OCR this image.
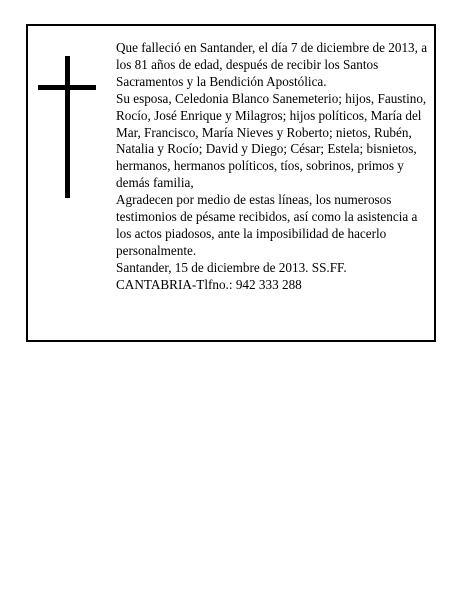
Que falleció en Santander, el día 7 de diciembre de 2013, a los 81 años de edad, después de recibir los Santos Sacramentos y la Bendición Apostólica.

Su esposa, Celedonia Blanco Sanemeterio; hijos, Faustino, Rocío, José Enrique y Milagros; hijos políticos, María del Mar, Francisco, María Nieves y Roberto; nietos, Rubén, Natalia y Rocío; David y Diego; César; Estela; bisnietos, hermanos, hermanos políticos, tíos, sobrinos, primos y demás familia,

Agradecen por medio de estas líneas, los numerosos testimonios de pésame recibidos, así como la asistencia a los actos piadosos, ante la imposibilidad de hacerlo personalmente.

Santander, 15 de diciembre de 2013. SS.FF.

CANTABRIA-Tlfno.: 942 333 288
